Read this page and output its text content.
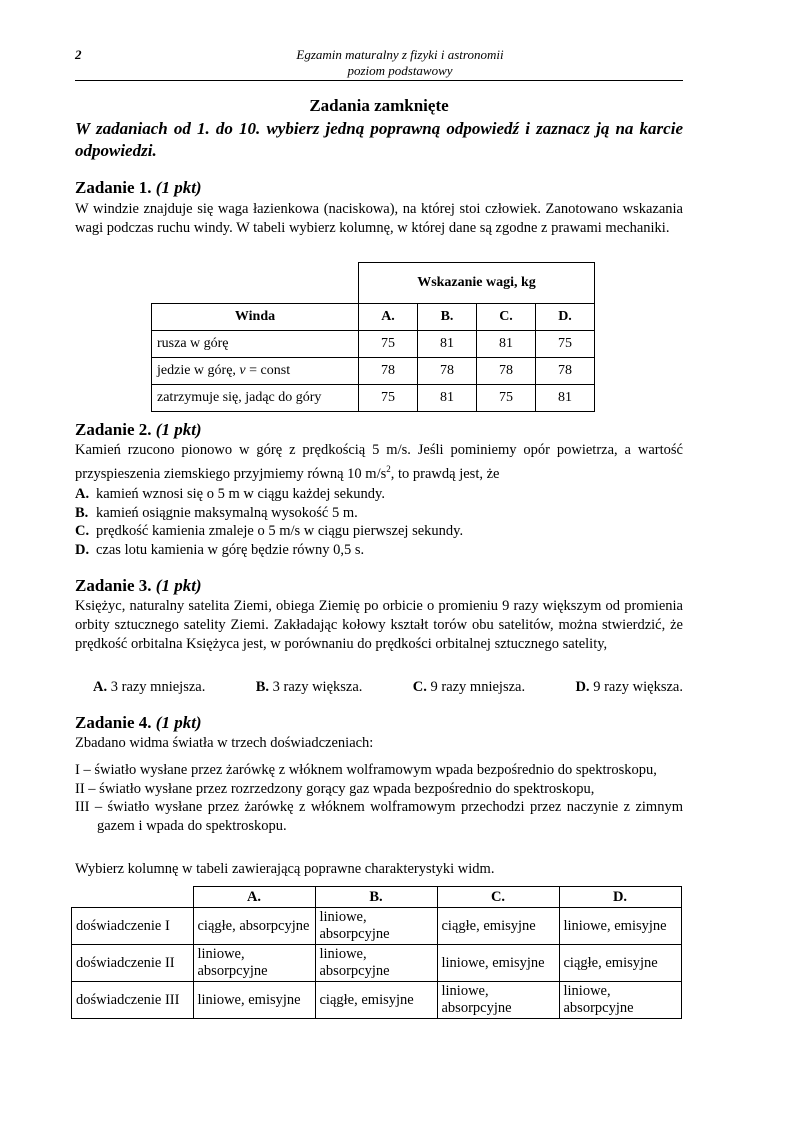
2	Egzamin maturalny z fizyki i astronomii
poziom podstawowy
Zadania zamknięte
W zadaniach od 1. do 10. wybierz jedną poprawną odpowiedź i zaznacz ją na karcie odpowiedzi.
Zadanie 1. (1 pkt)
W windzie znajduje się waga łazienkowa (naciskowa), na której stoi człowiek. Zanotowano wskazania wagi podczas ruchu windy. W tabeli wybierz kolumnę, w której dane są zgodne z prawami mechaniki.
	Wskazanie wagi, kg			
Winda	A.	B.	C.	D.
rusza w górę	75	81	81	75
jedzie w górę, v = const	78	78	78	78
zatrzymuje się, jadąc do góry	75	81	75	81
Zadanie 2. (1 pkt)
Kamień rzucono pionowo w górę z prędkością 5 m/s. Jeśli pominiemy opór powietrza, a wartość przyspieszenia ziemskiego przyjmiemy równą 10 $m/s^2$, to prawdą jest, że
A. kamień wznosi się o 5 m w ciągu każdej sekundy.
B. kamień osiągnie maksymalną wysokość 5 m.
C. prędkość kamienia zmaleje o 5 m/s w ciągu pierwszej sekundy.
D. czas lotu kamienia w górę będzie równy 0,5 s.
Zadanie 3. (1 pkt)
Księżyc, naturalny satelita Ziemi, obiega Ziemię po orbicie o promieniu 9 razy większym od promienia orbity sztucznego satelity Ziemi. Zakładając kołowy kształt torów obu satelitów, można stwierdzić, że prędkość orbitalna Księżyca jest, w porównaniu do prędkości orbitalnej sztucznego satelity,
A. 3 razy mniejsza.	B. 3 razy większa.	C. 9 razy mniejsza.	D. 9 razy większa.
Zadanie 4. (1 pkt)
Zbadano widma światła w trzech doświadczeniach:
I – światło wysłane przez żarówkę z włóknem wolframowym wpada bezpośrednio do spektroskopu,
II – światło wysłane przez rozrzedzony gorący gaz wpada bezpośrednio do spektroskopu,
III – światło wysłane przez żarówkę z włóknem wolframowym przechodzi przez naczynie z zimnym gazem i wpada do spektroskopu.
Wybierz kolumnę w tabeli zawierającą poprawne charakterystyki widm.
	A.	B.	C.	D.
doświadczenie I	ciągłe, absorpcyjne	liniowe, absorpcyjne	ciągłe, emisyjne	liniowe, emisyjne
doświadczenie II	liniowe, absorpcyjne	liniowe, absorpcyjne	liniowe, emisyjne	ciągłe, emisyjne
doświadczenie III	liniowe, emisyjne	ciągłe, emisyjne	liniowe, absorpcyjne	liniowe, absorpcyjne
